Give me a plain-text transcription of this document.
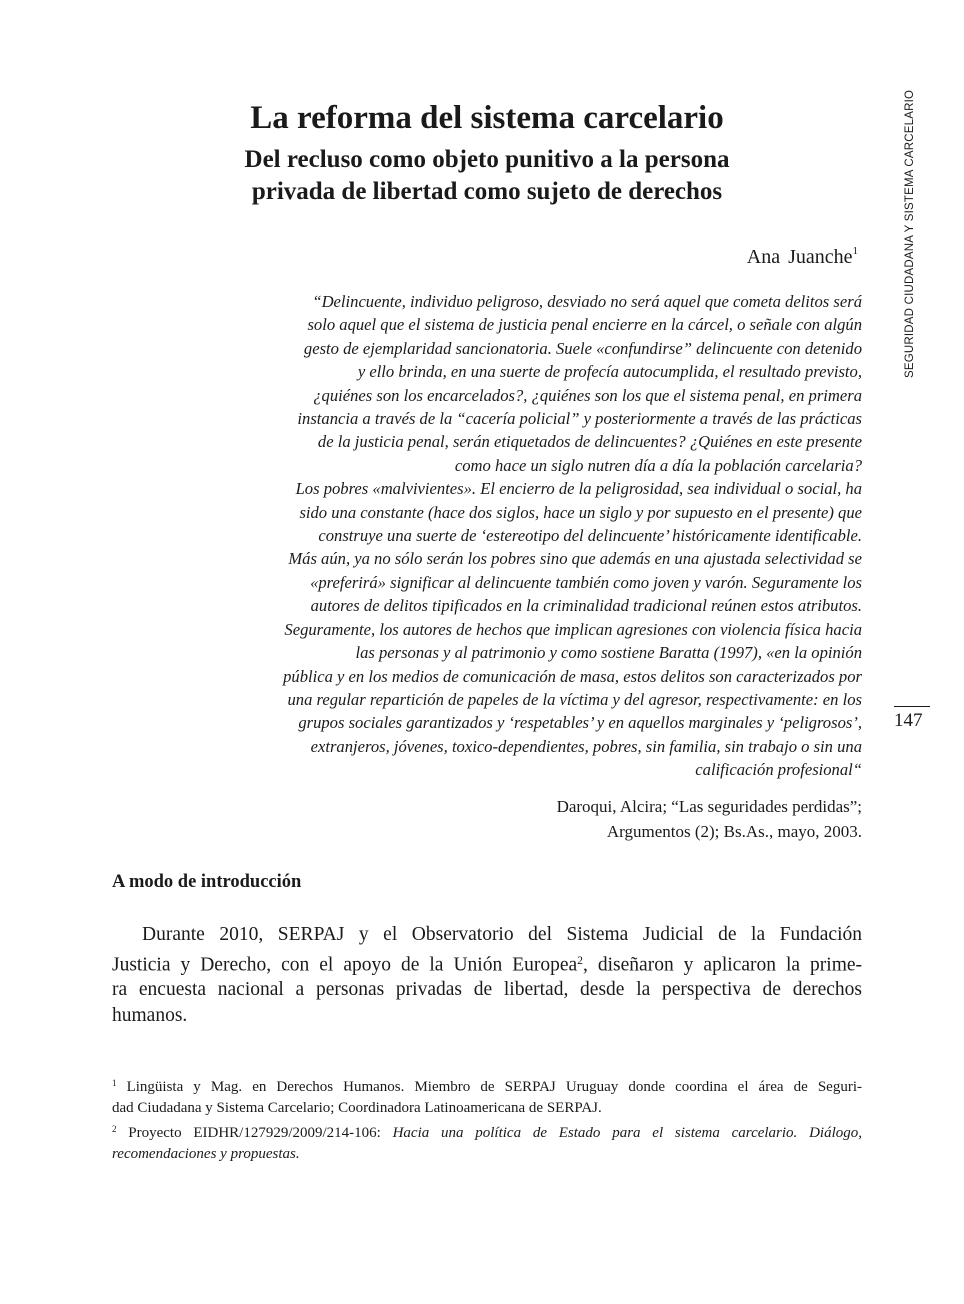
La reforma del sistema carcelario
Del recluso como objeto punitivo a la persona
privada de libertad como sujeto de derechos
Ana Juanche$^1$
“Delincuente, individuo peligroso, desviado no será aquel que cometa delitos será
solo aquel que el sistema de justicia penal encierre en la cárcel, o señale con algún
gesto de ejemplaridad sancionatoria. Suele «confundirse” delincuente con detenido
y ello brinda, en una suerte de profecía autocumplida, el resultado previsto,
¿quiénes son los encarcelados?, ¿quiénes son los que el sistema penal, en primera
instancia a través de la “cacería policial” y posteriormente a través de las prácticas
de la justicia penal, serán etiquetados de delincuentes? ¿Quiénes en este presente
como hace un siglo nutren día a día la población carcelaria?
Los pobres «malvivientes». El encierro de la peligrosidad, sea individual o social, ha
sido una constante (hace dos siglos, hace un siglo y por supuesto en el presente) que
construye una suerte de ‘estereotipo del delincuente’ históricamente identificable.
Más aún, ya no sólo serán los pobres sino que además en una ajustada selectividad se
«preferirá» significar al delincuente también como joven y varón. Seguramente los
autores de delitos tipificados en la criminalidad tradicional reúnen estos atributos.
Seguramente, los autores de hechos que implican agresiones con violencia física hacia
las personas y al patrimonio y como sostiene Baratta (1997), «en la opinión
pública y en los medios de comunicación de masa, estos delitos son caracterizados por
una regular repartición de papeles de la víctima y del agresor, respectivamente: en los
grupos sociales garantizados y ‘respetables’ y en aquellos marginales y ‘peligrosos’,
extranjeros, jóvenes, toxico-dependientes, pobres, sin familia, sin trabajo o sin una
calificación profesional“
Daroqui, Alcira; “Las seguridades perdidas”;
Argumentos (2); Bs.As., mayo, 2003.
A modo de introducción
Durante 2010, SERPAJ y el Observatorio del Sistema Judicial de la Fundación
Justicia y Derecho, con el apoyo de la Unión Europea$^2$, diseñaron y aplicaron la prime-
ra encuesta nacional a personas privadas de libertad, desde la perspectiva de derechos
humanos.
$^1$ Lingüista y Mag. en Derechos Humanos. Miembro de SERPAJ Uruguay donde coordina el área de Seguri-
dad Ciudadana y Sistema Carcelario; Coordinadora Latinoamericana de SERPAJ.
$^2$ Proyecto EIDHR/127929/2009/214-106: Hacia una política de Estado para el sistema carcelario. Diálogo,
recomendaciones y propuestas.
SEGURIDAD CIUDADANA Y SISTEMA CARCELARIO
147
